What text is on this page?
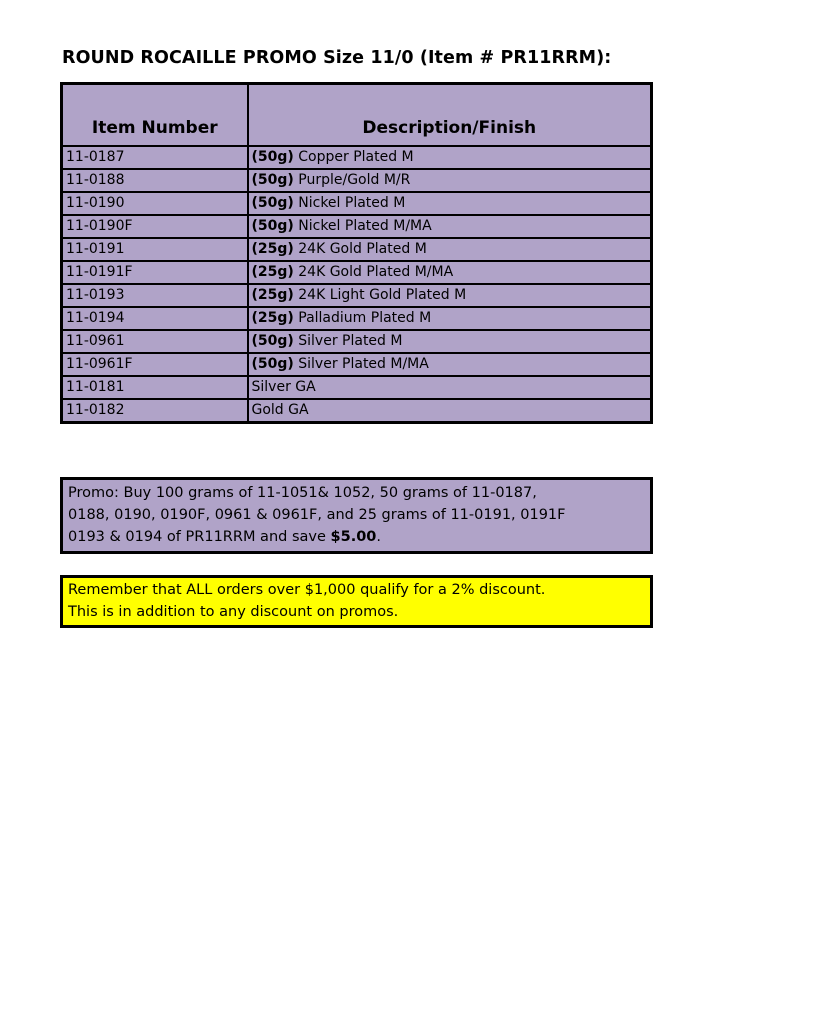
ROUND ROCAILLE PROMO Size 11/0 (Item # PR11RRM):
Item Number	Description/Finish
11-0187	(50g) Copper Plated M
11-0188	(50g) Purple/Gold M/R
11-0190	(50g) Nickel Plated M
11-0190F	(50g) Nickel Plated M/MA
11-0191	(25g) 24K Gold Plated M
11-0191F	(25g) 24K Gold Plated M/MA
11-0193	(25g) 24K Light Gold Plated M
11-0194	(25g) Palladium Plated M
11-0961	(50g) Silver Plated M
11-0961F	(50g) Silver Plated M/MA
11-0181	Silver GA
11-0182	Gold GA
Promo: Buy 100 grams of 11-1051& 1052, 50 grams of 11-0187,
0188, 0190, 0190F, 0961 & 0961F, and 25 grams of 11-0191, 0191F
0193 & 0194 of PR11RRM and save $5.00.
Remember that ALL orders over $1,000 qualify for a 2% discount.
This is in addition to any discount on promos.
